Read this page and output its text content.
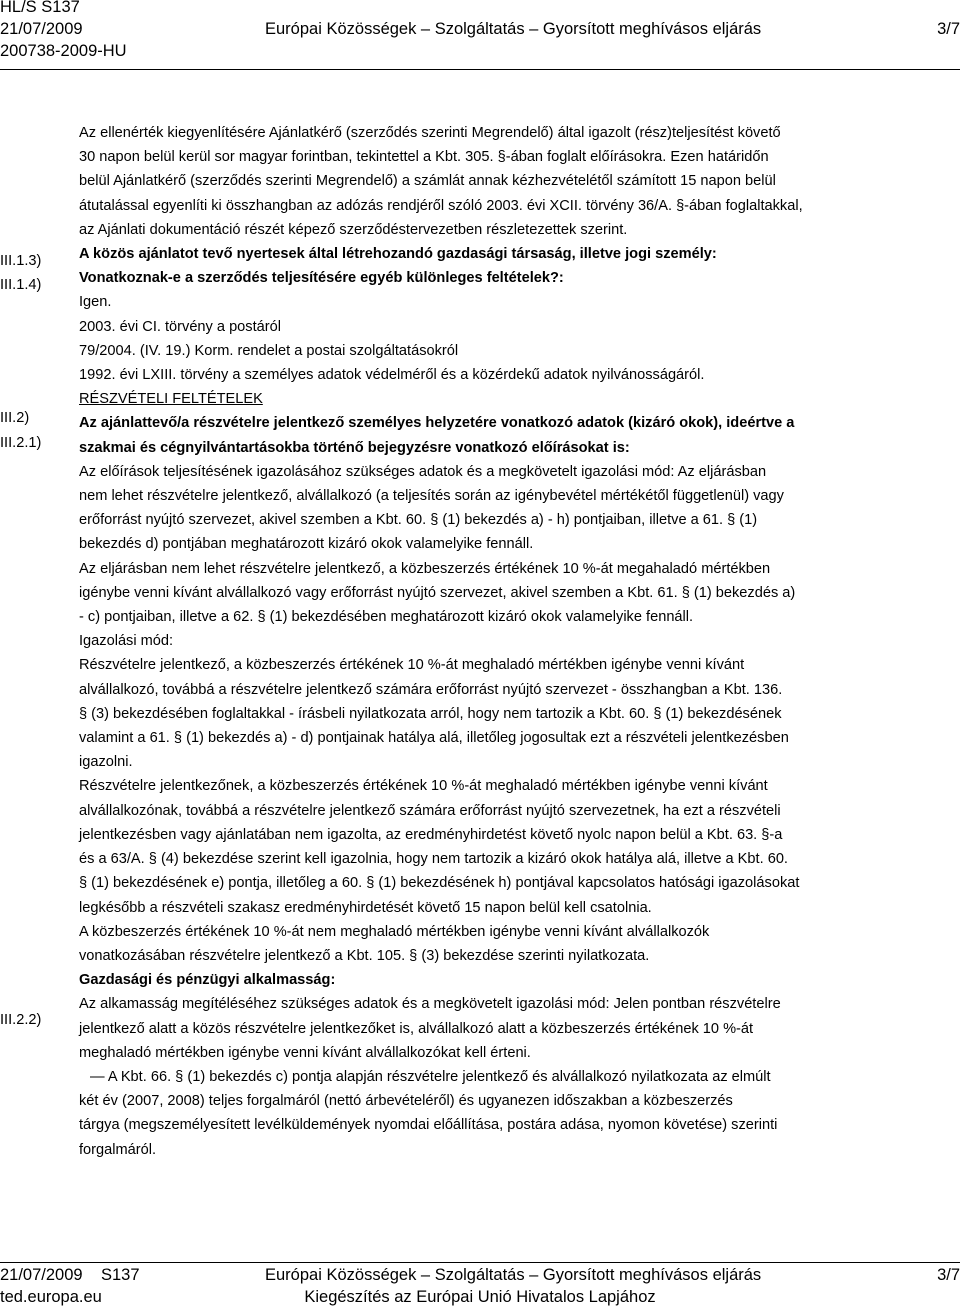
HL/S S137
21/07/2009	Európai Közösségek – Szolgáltatás – Gyorsított meghívásos eljárás	3/7
200738-2009-HU
III.1.3)
III.1.4)
III.2)
III.2.1)
III.2.2)

Az ellenérték kiegyenlítésére Ajánlatkérő (szerződés szerinti Megrendelő) által igazolt (rész)teljesítést követő

30 napon belül kerül sor magyar forintban, tekintettel a Kbt. 305. §-ában foglalt előírásokra. Ezen határidőn

belül Ajánlatkérő (szerződés szerinti Megrendelő) a számlát annak kézhezvételétől számított 15 napon belül

átutalással egyenlíti ki összhangban az adózás rendjéről szóló 2003. évi XCII. törvény 36/A. §-ában foglaltakkal,

az Ajánlati dokumentáció részét képező szerződéstervezetben részletezettek szerint.

A közös ajánlatot tevő nyertesek által létrehozandó gazdasági társaság, illetve jogi személy:

Vonatkoznak-e a szerződés teljesítésére egyéb különleges feltételek?:

Igen.

2003. évi CI. törvény a postáról

79/2004. (IV. 19.) Korm. rendelet a postai szolgáltatásokról

1992. évi LXIII. törvény a személyes adatok védelméről és a közérdekű adatok nyilvánosságáról.

RÉSZVÉTELI FELTÉTELEK

Az ajánlattevő/a részvételre jelentkező személyes helyzetére vonatkozó adatok (kizáró okok), ideértve a

szakmai és cégnyilvántartásokba történő bejegyzésre vonatkozó előírásokat is:

Az előírások teljesítésének igazolásához szükséges adatok és a megkövetelt igazolási mód: Az eljárásban

nem lehet részvételre jelentkező, alvállalkozó (a teljesítés során az igénybevétel mértékétől függetlenül) vagy

erőforrást nyújtó szervezet, akivel szemben a Kbt. 60. § (1) bekezdés a) - h) pontjaiban, illetve a 61. § (1)

bekezdés d) pontjában meghatározott kizáró okok valamelyike fennáll.

Az eljárásban nem lehet részvételre jelentkező, a közbeszerzés értékének 10 %-át megahaladó mértékben

igénybe venni kívánt alvállalkozó vagy erőforrást nyújtó szervezet, akivel szemben a Kbt. 61. § (1) bekezdés a)

- c) pontjaiban, illetve a 62. § (1) bekezdésében meghatározott kizáró okok valamelyike fennáll.

Igazolási mód:

Részvételre jelentkező, a közbeszerzés értékének 10 %-át meghaladó mértékben igénybe venni kívánt

alvállalkozó, továbbá a részvételre jelentkező számára erőforrást nyújtó szervezet - összhangban a Kbt. 136.

§ (3) bekezdésében foglaltakkal - írásbeli nyilatkozata arról, hogy nem tartozik a Kbt. 60. § (1) bekezdésének

valamint a 61. § (1) bekezdés a) - d) pontjainak hatálya alá, illetőleg jogosultak ezt a részvételi jelentkezésben

igazolni.

Részvételre jelentkezőnek, a közbeszerzés értékének 10 %-át meghaladó mértékben igénybe venni kívánt

alvállalkozónak, továbbá a részvételre jelentkező számára erőforrást nyújtó szervezetnek, ha ezt a részvételi

jelentkezésben vagy ajánlatában nem igazolta, az eredményhirdetést követő nyolc napon belül a Kbt. 63. §-a

és a 63/A. § (4) bekezdése szerint kell igazolnia, hogy nem tartozik a kizáró okok hatálya alá, illetve a Kbt. 60.

§ (1) bekezdésének e) pontja, illetőleg a 60. § (1) bekezdésének h) pontjával kapcsolatos hatósági igazolásokat

legkésőbb a részvételi szakasz eredményhirdetését követő 15 napon belül kell csatolnia.

A közbeszerzés értékének 10 %-át nem meghaladó mértékben igénybe venni kívánt alvállalkozók

vonatkozásában részvételre jelentkező a Kbt. 105. § (3) bekezdése szerinti nyilatkozata.

Gazdasági és pénzügyi alkalmasság:

Az alkamasság megítéléséhez szükséges adatok és a megkövetelt igazolási mód: Jelen pontban részvételre

jelentkező alatt a közös részvételre jelentkezőket is, alvállalkozó alatt a közbeszerzés értékének 10 %-át

meghaladó mértékben igénybe venni kívánt alvállalkozókat kell érteni.

— A Kbt. 66. § (1) bekezdés c) pontja alapján részvételre jelentkező és alvállalkozó nyilatkozata az elmúlt

két év (2007, 2008) teljes forgalmáról (nettó árbevételéről) és ugyanezen időszakban a közbeszerzés

tárgya (megszemélyesített levélküldemények nyomdai előállítása, postára adása, nyomon követése) szerinti

forgalmáról.

21/07/2009 S137	Európai Közösségek – Szolgáltatás – Gyorsított meghívásos eljárás	3/7
ted.europa.eu	Kiegészítés az Európai Unió Hivatalos Lapjához
